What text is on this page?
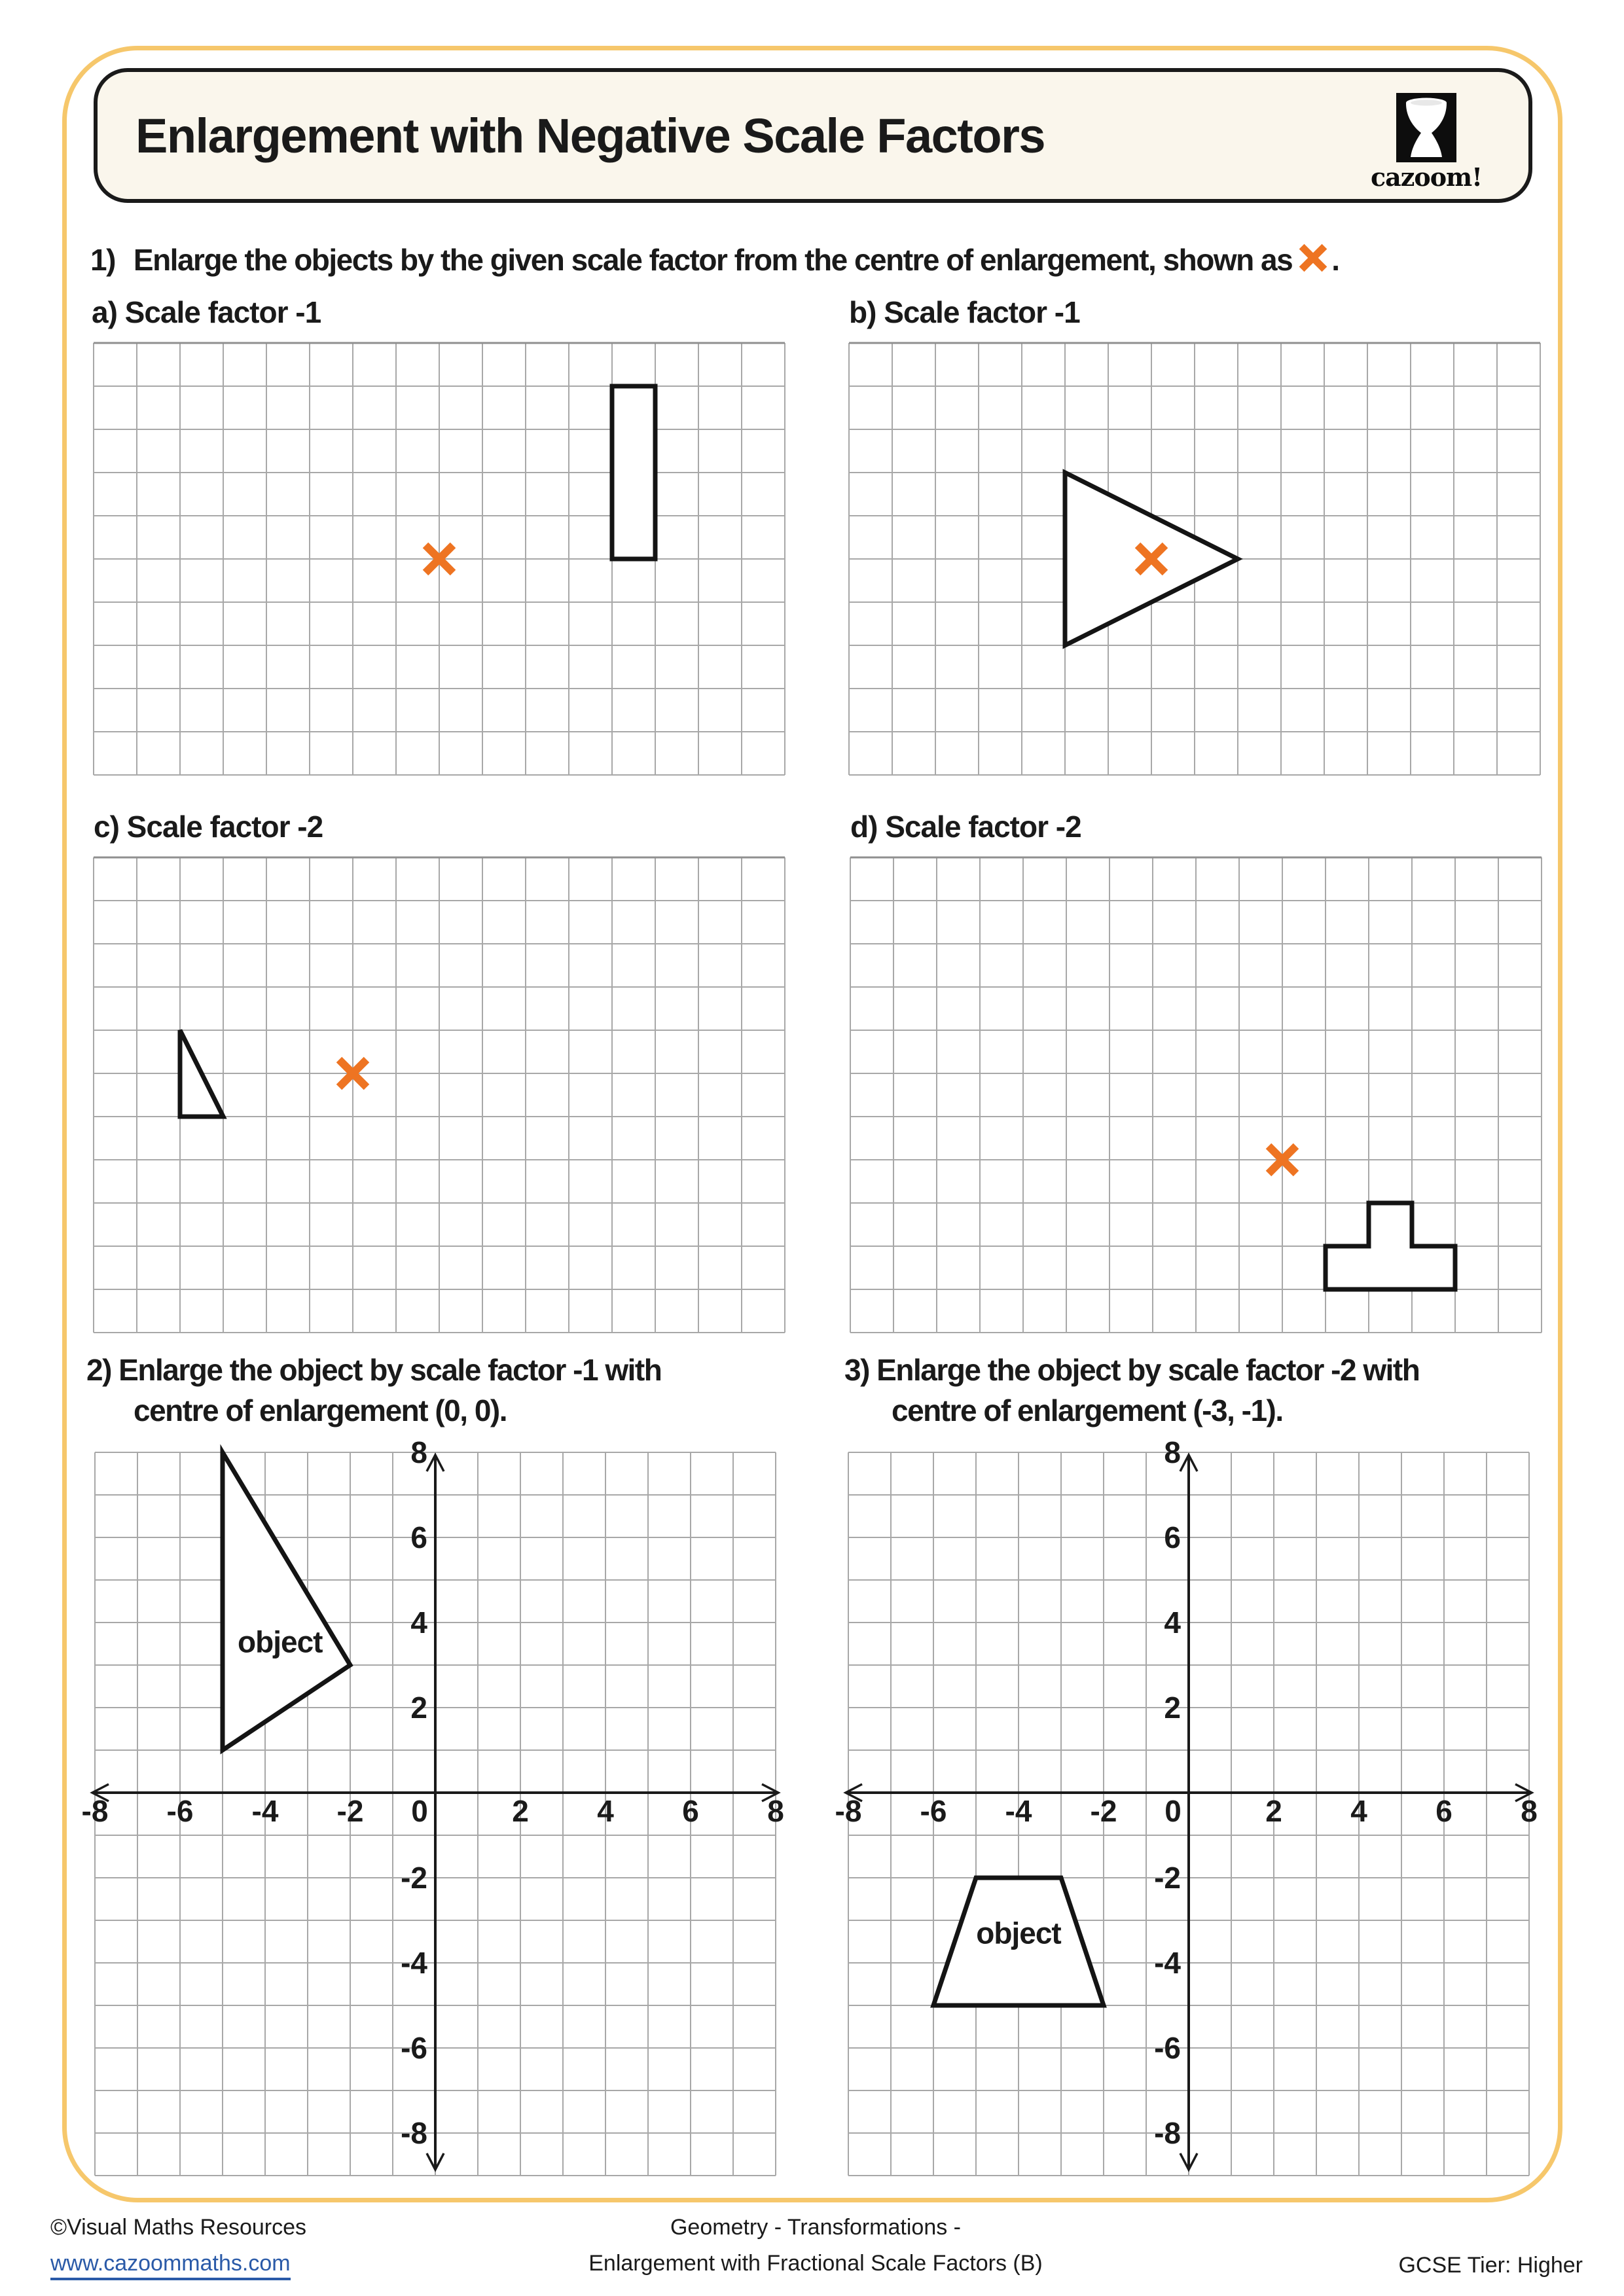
Enlargement with Negative Scale Factors
cazoom!
1) Enlarge the objects by the given scale factor from the centre of enlargement, shown as .
a) Scale factor -1	b) Scale factor -1
c) Scale factor -2	d) Scale factor -2
2) Enlarge the object by scale factor -1 with
centre of enlargement (0, 0).
3) Enlarge the object by scale factor -2 with
centre of enlargement (-3, -1).
-8 -6 -4 -2 0	2 4 6 8
8
6
4
2
-2
-4
-6
-8
object
-8 -6 -4 -2 0	2 4 6 8
8
6
4
2
-2
-4
-6
-8
object
©Visual Maths Resources
www.cazoommaths.com
Geometry - Transformations -
Enlargement with Fractional Scale Factors (B)	GCSE Tier: Higher
